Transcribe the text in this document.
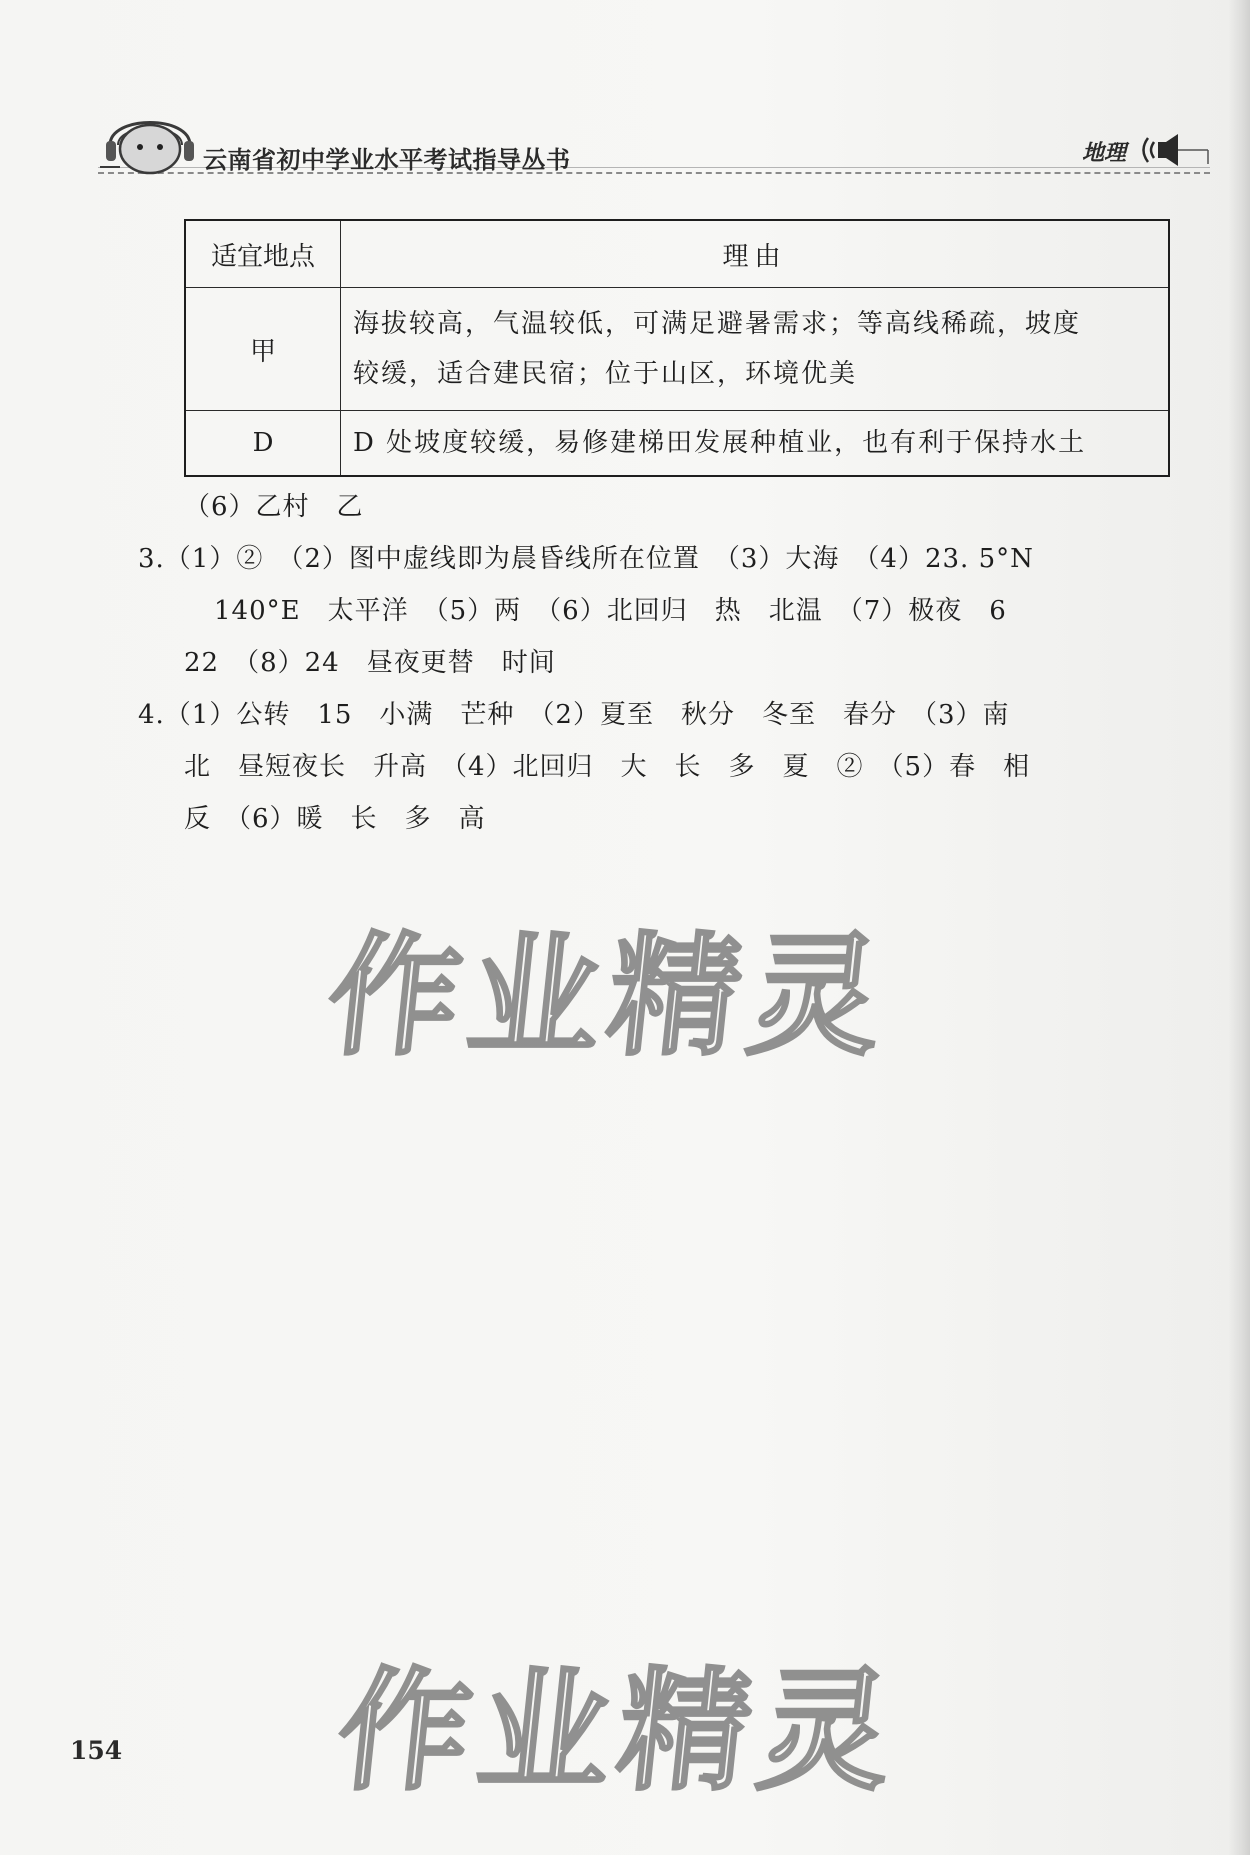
云南省初中学业水平考试指导丛书	地理
适宜地点	理由
甲	海拔较高，气温较低，可满足避暑需求；等高线稀疏，坡度
较缓，适合建民宿；位于山区，环境优美

D	D 处坡度较缓，易修建梯田发展种植业，也有利于保持水土
（6）乙村　乙
3.（1）②　（2）图中虚线即为晨昏线所在位置　（3）大海　（4）23. 5°N
140°E　太平洋　（5）两　（6）北回归　热　北温　（7）极夜　6
22　（8）24　昼夜更替　时间
4.（1）公转　15　小满　芒种　（2）夏至　秋分　冬至　春分　（3）南
北　昼短夜长　升高　（4）北回归　大　长　多　夏　②　（5）春　相
反　（6）暖　长　多　高
作业精灵
作业精灵
154
